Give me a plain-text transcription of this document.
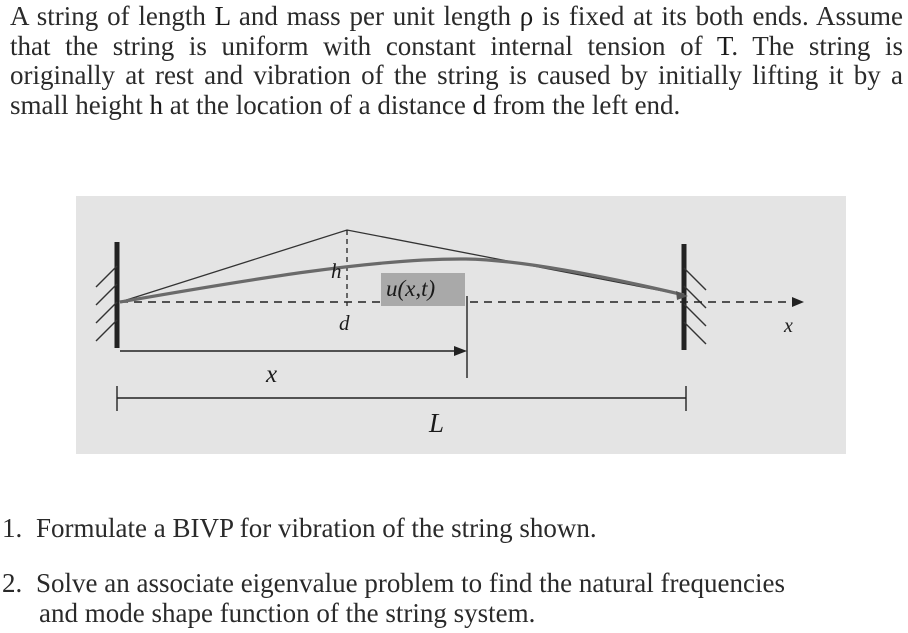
A string of length L and mass per unit length ρ is fixed at its both ends. Assume that the string is uniform with constant internal tension of T. The string is originally at rest and vibration of the string is caused by initially lifting it by a small height h at the location of a distance d from the left end.

h
d
u(x,t)
x
x
L

1. Formulate a BIVP for vibration of the string shown.

2. Solve an associate eigenvalue problem to find the natural frequencies
and mode shape function of the string system.
